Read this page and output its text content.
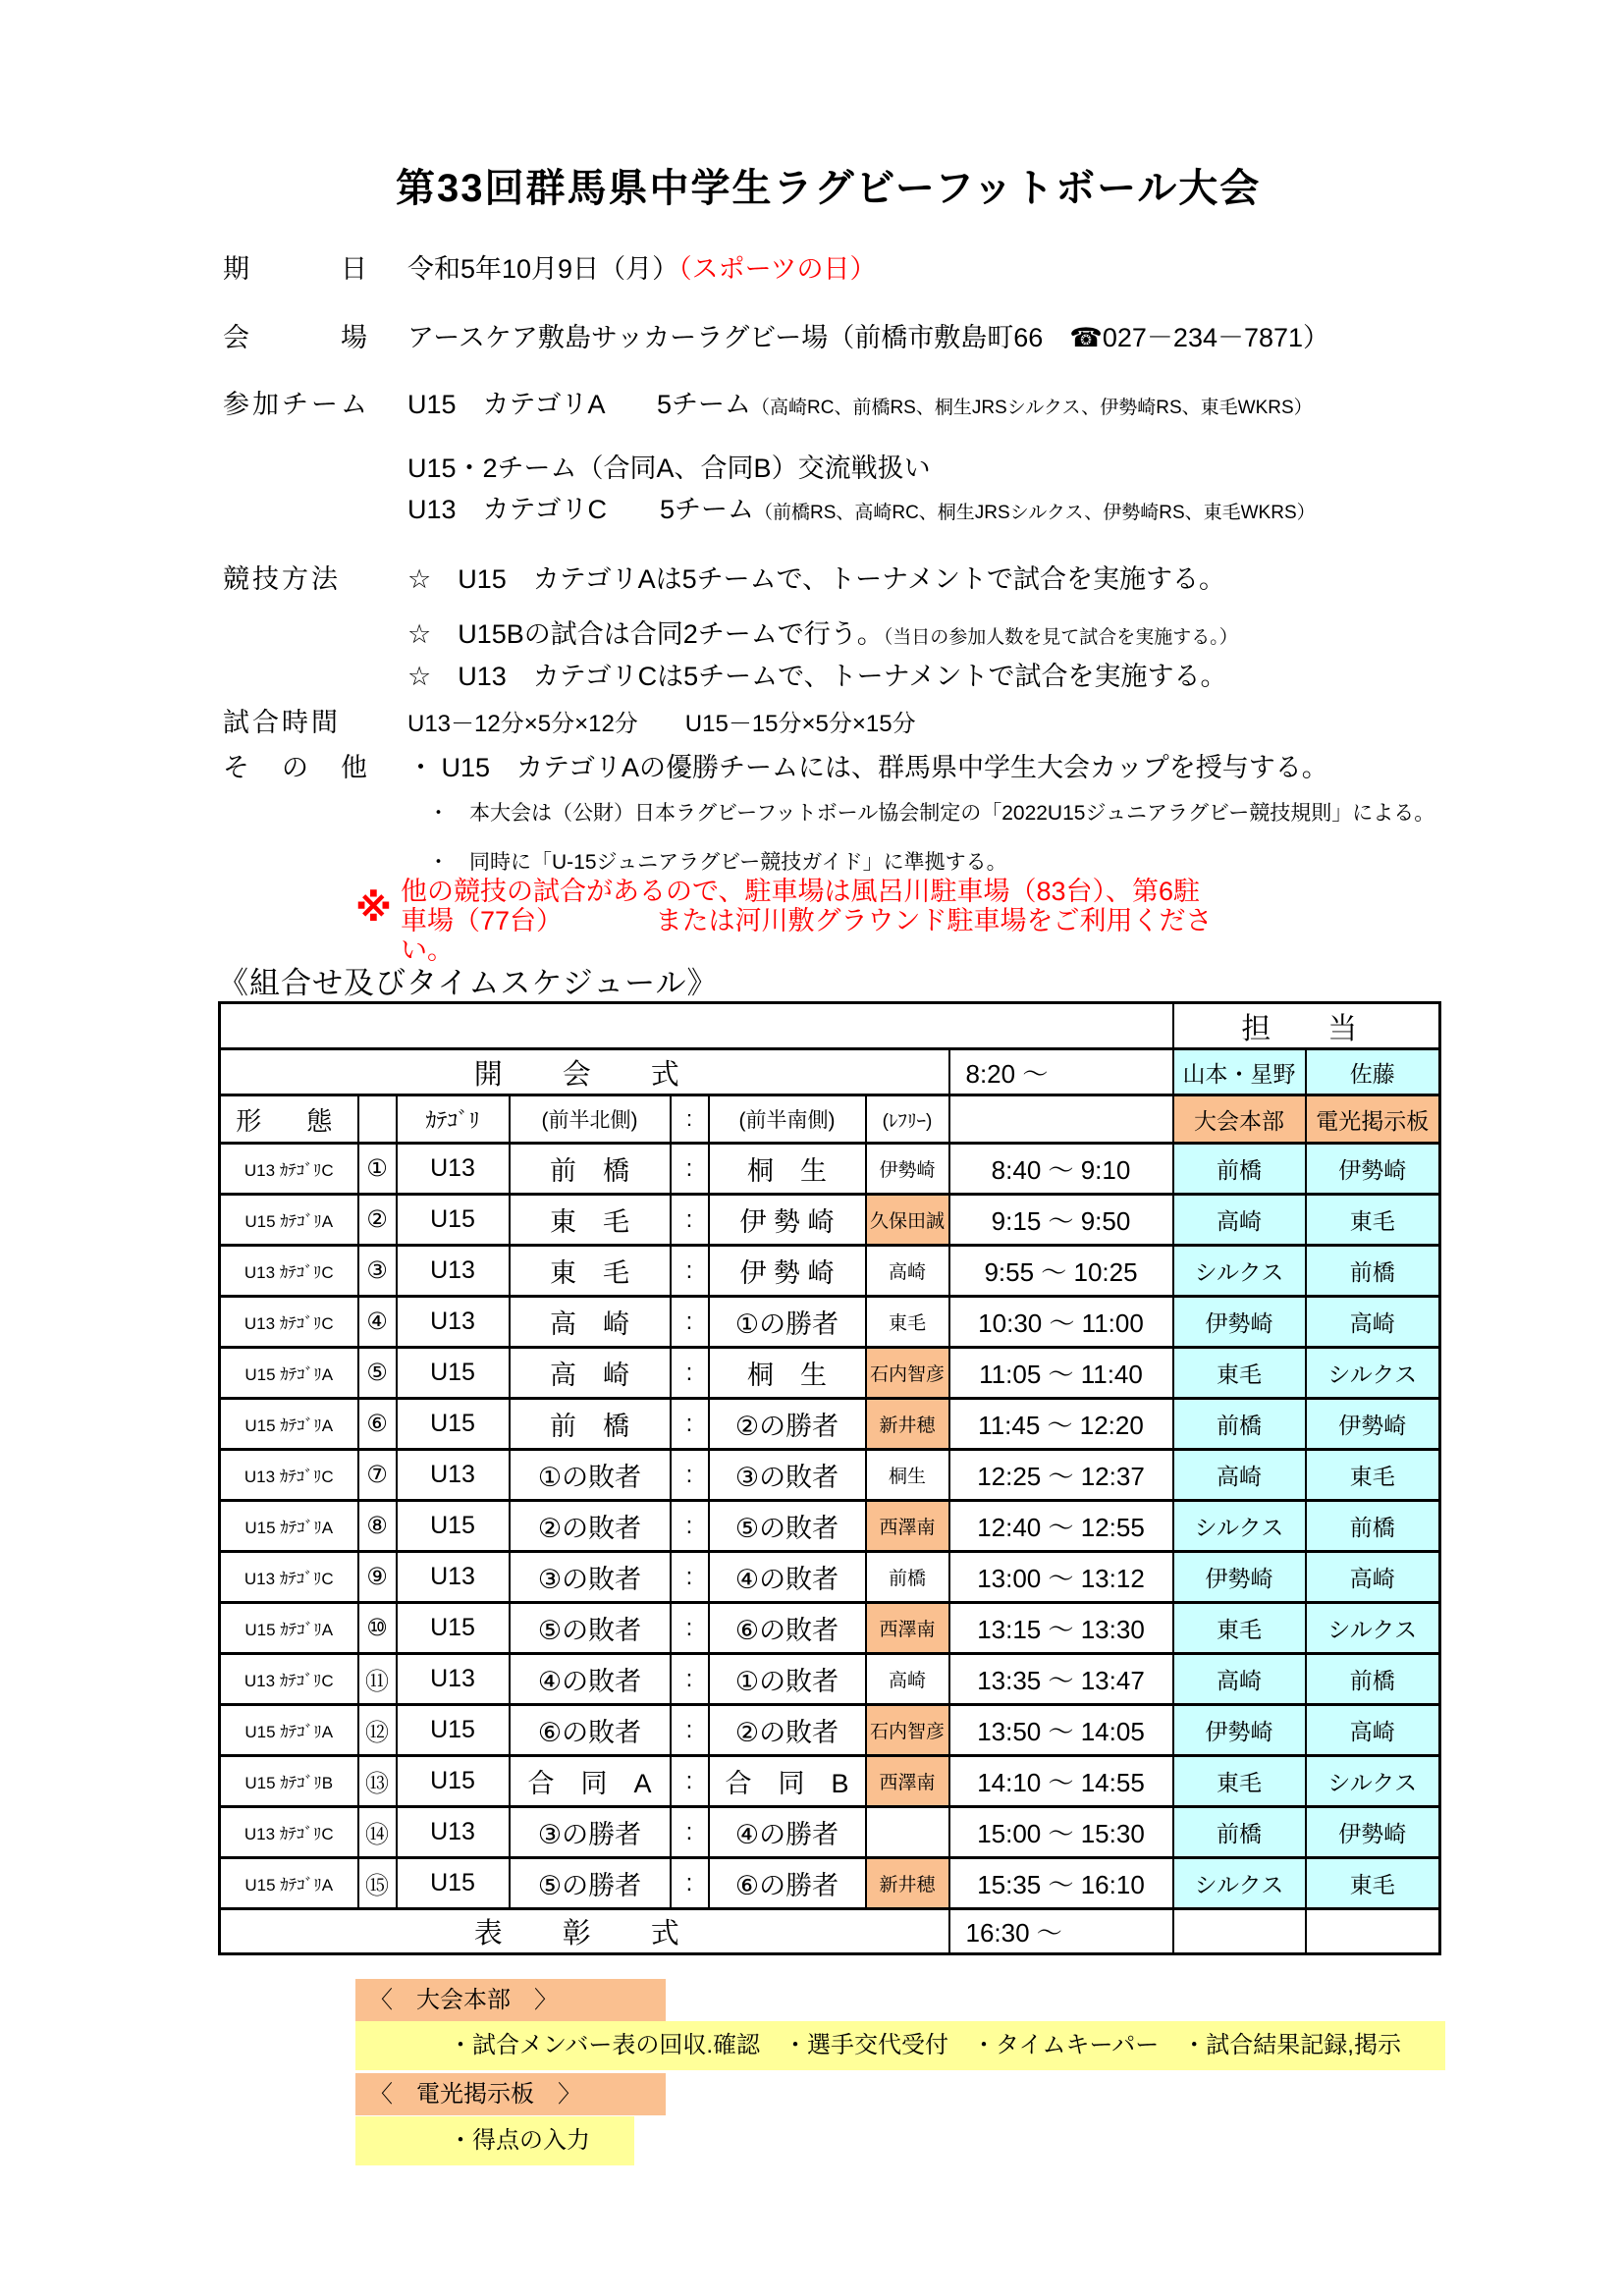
第33回群馬県中学生ラグビーフットボール大会
期　　　日	令和5年10月9日（月）（スポーツの日）
会　　　場	アースケア敷島サッカーラグビー場（前橋市敷島町66　☎027－234－7871）
参加チーム	U15　カテゴリA　　5チーム（高崎RC、前橋RS、桐生JRSシルクス、伊勢崎RS、東毛WKRS）
U15・2チーム（合同A、合同B）交流戦扱い
U13　カテゴリC　　5チーム（前橋RS、高崎RC、桐生JRSシルクス、伊勢崎RS、東毛WKRS）
競技方法	☆　U15　カテゴリAは5チームで、トーナメントで試合を実施する。
☆　U15Bの試合は合同2チームで行う。（当日の参加人数を見て試合を実施する。）
☆　U13　カテゴリCは5チームで、トーナメントで試合を実施する。
試合時間	U13－12分×5分×12分　　U15－15分×5分×15分
そ　の　他	・ U15　カテゴリAの優勝チームには、群馬県中学生大会カップを授与する。
・　本大会は（公財）日本ラグビーフットボール協会制定の「2022U15ジュニアラグビー競技規則」による。
・　同時に「U-15ジュニアラグビー競技ガイド」に準拠する。
※ 他の競技の試合があるので、駐車場は風呂川駐車場（83台）、第6駐
車場（77台）　　　　または河川敷グラウンド駐車場をご利用くださ
い。
《組合せ及びタイムスケジュール》
								担　当	
開　会　式							8:20 ～	山本・星野	佐藤
形　態		ｶﾃｺﾞﾘ	(前半北側)	:	(前半南側)	(ﾚﾌﾘｰ)		大会本部	電光掲示板
U13 ｶﾃｺﾞﾘC	①	U13	前　橋	:	桐　生	伊勢崎	8:40 ～ 9:10	前橋	伊勢崎
U15 ｶﾃｺﾞﾘA	②	U15	東　毛	:	伊 勢 崎	久保田誠	9:15 ～ 9:50	高崎	東毛
U13 ｶﾃｺﾞﾘC	③	U13	東　毛	:	伊 勢 崎	高崎	9:55 ～ 10:25	シルクス	前橋
U13 ｶﾃｺﾞﾘC	④	U13	高　崎	:	①の勝者	東毛	10:30 ～ 11:00	伊勢崎	高崎
U15 ｶﾃｺﾞﾘA	⑤	U15	高　崎	:	桐　生	石内智彦	11:05 ～ 11:40	東毛	シルクス
U15 ｶﾃｺﾞﾘA	⑥	U15	前　橋	:	②の勝者	新井穂	11:45 ～ 12:20	前橋	伊勢崎
U13 ｶﾃｺﾞﾘC	⑦	U13	①の敗者	:	③の敗者	桐生	12:25 ～ 12:37	高崎	東毛
U15 ｶﾃｺﾞﾘA	⑧	U15	②の敗者	:	⑤の敗者	西澤南	12:40 ～ 12:55	シルクス	前橋
U13 ｶﾃｺﾞﾘC	⑨	U13	③の敗者	:	④の敗者	前橋	13:00 ～ 13:12	伊勢崎	高崎
U15 ｶﾃｺﾞﾘA	⑩	U15	⑤の敗者	:	⑥の敗者	西澤南	13:15 ～ 13:30	東毛	シルクス
U13 ｶﾃｺﾞﾘC	⑪	U13	④の敗者	:	①の敗者	高崎	13:35 ～ 13:47	高崎	前橋
U15 ｶﾃｺﾞﾘA	⑫	U15	⑥の敗者	:	②の敗者	石内智彦	13:50 ～ 14:05	伊勢崎	高崎
U15 ｶﾃｺﾞﾘB	⑬	U15	合　同　A	:	合　同　B	西澤南	14:10 ～ 14:55	東毛	シルクス
U13 ｶﾃｺﾞﾘC	⑭	U13	③の勝者	:	④の勝者		15:00 ～ 15:30	前橋	伊勢崎
U15 ｶﾃｺﾞﾘA	⑮	U15	⑤の勝者	:	⑥の勝者	新井穂	15:35 ～ 16:10	シルクス	東毛
表　彰　式							16:30 ～		
〈　大会本部　〉
・試合メンバー表の回収.確認　・選手交代受付　・タイムキーパー　・試合結果記録,掲示
〈　電光掲示板　〉
・得点の入力
